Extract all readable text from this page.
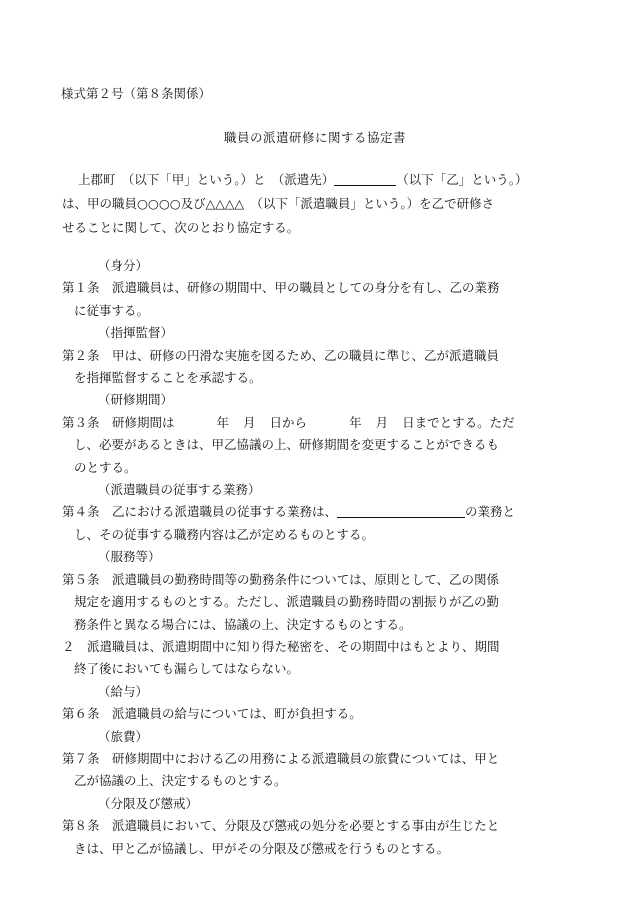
様式第２号（第８条関係）
職員の派遣研修に関する協定書

上郡町　（以下「甲」という。）と　（派遣先）	（以下「乙」という。）

は、甲の職員○○○○及び△△△△　（以下「派遣職員」という。）を乙で研修さ

せることに関して、次のとおり協定する。

（身分）
第１条　派遣職員は、研修の期間中、甲の職員としての身分を有し、乙の業務
に従事する。
（指揮監督）
第２条　甲は、研修の円滑な実施を図るため、乙の職員に準じ、乙が派遣職員
を指揮監督することを承認する。
（研修期間）
第３条　研修期間は	年 月 日から	年 月 日までとする。ただ
し、必要があるときは、甲乙協議の上、研修期間を変更することができるも
のとする。
（派遣職員の従事する業務）
第４条　乙における派遣職員の従事する業務は、	の業務と
し、その従事する職務内容は乙が定めるものとする。
（服務等）
第５条　派遣職員の勤務時間等の勤務条件については、原則として、乙の関係
規定を適用するものとする。ただし、派遣職員の勤務時間の割振りが乙の勤
務条件と異なる場合には、協議の上、決定するものとする。
２　派遣職員は、派遣期間中に知り得た秘密を、その期間中はもとより、期間
終了後においても漏らしてはならない。
（給与）
第６条　派遣職員の給与については、町が負担する。
（旅費）
第７条　研修期間中における乙の用務による派遣職員の旅費については、甲と
乙が協議の上、決定するものとする。
（分限及び懲戒）
第８条　派遣職員において、分限及び懲戒の処分を必要とする事由が生じたと
きは、甲と乙が協議し、甲がその分限及び懲戒を行うものとする。
